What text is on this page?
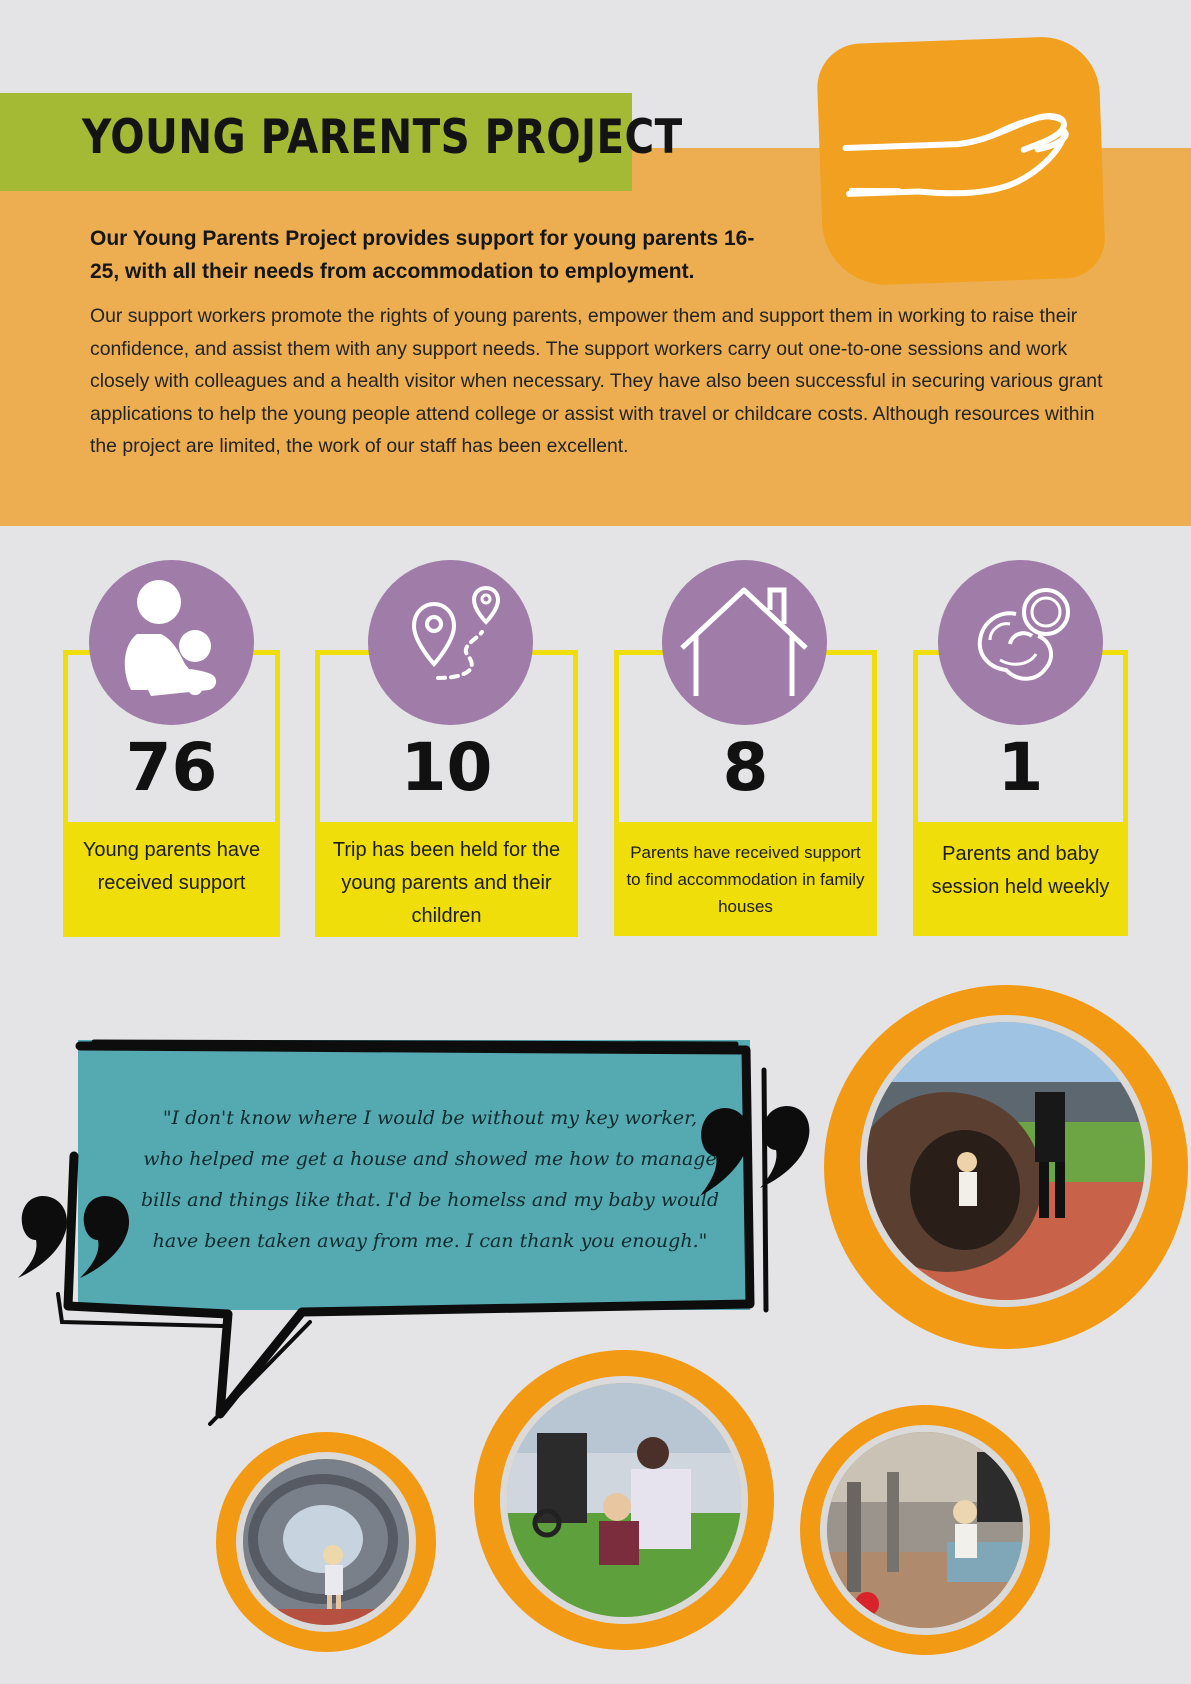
YOUNG PARENTS PROJECT
Our Young Parents Project provides support for young parents 16-25, with all their needs from accommodation to employment.
Our support workers promote the rights of young parents, empower them and support them in working to raise their confidence, and assist them with any support needs. The support workers carry out one-to-one sessions and work closely with colleagues and a health visitor when necessary. They have also been successful in securing various grant applications to help the young people attend college or assist with travel or childcare costs. Although resources within the project are limited, the work of our staff has been excellent.
76
Young parents have received support
10
Trip has been held for the young parents and their children
8
Parents have received support to find accommodation in family houses
1
Parents and baby session held weekly
"I don't know where I would be without my key worker, who helped me get a house and showed me how to manage bills and things like that. I'd be homelss and my baby would have been taken away from me. I can thank you enough."
